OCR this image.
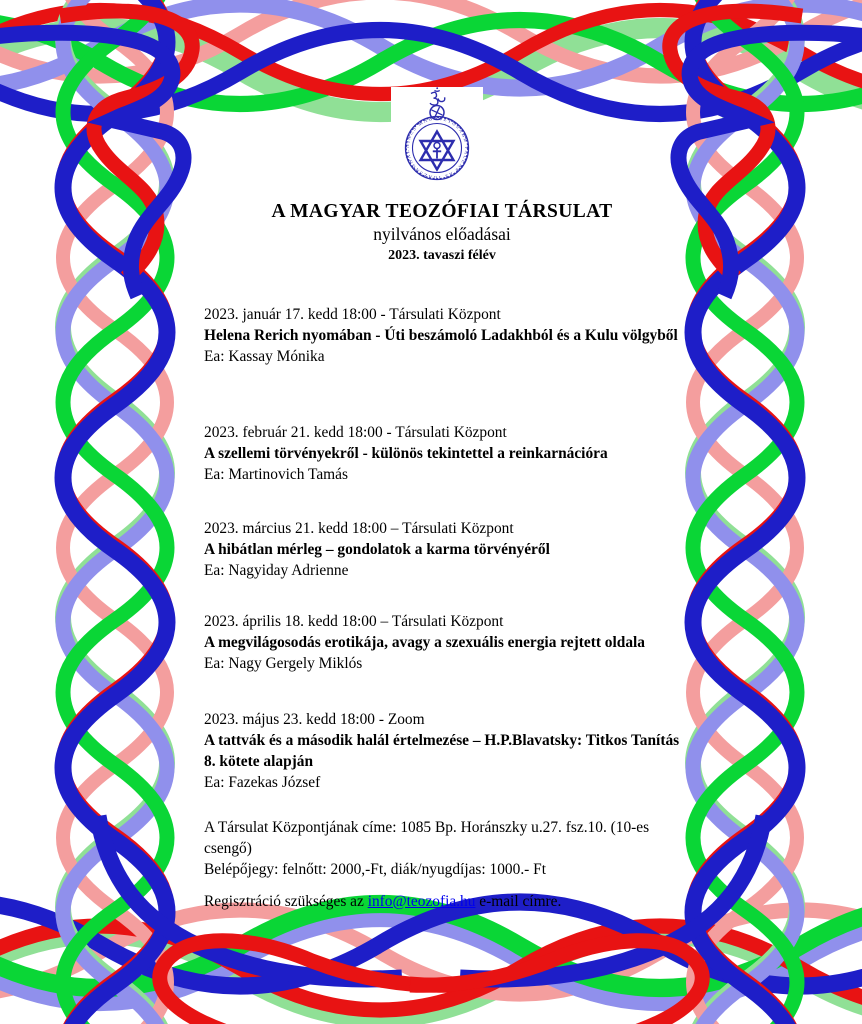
NINCS MAGASZTOSABB VALLÁS AZ IGAZSÁGNÁL
A MAGYAR TEOZÓFIAI TÁRSULAT
nyilvános előadásai
2023. tavaszi félév
2023. január 17. kedd 18:00 - Társulati Központ
Helena Rerich nyomában - Úti beszámoló Ladakhból és a Kulu völgyből
Ea: Kassay Mónika
2023. február 21. kedd 18:00 - Társulati Központ
A szellemi törvényekről - különös tekintettel a reinkarnációra
Ea: Martinovich Tamás
2023. március 21. kedd 18:00 – Társulati Központ
A hibátlan mérleg – gondolatok a karma törvényéről
Ea: Nagyiday Adrienne
2023. április 18. kedd 18:00 – Társulati Központ
A megvilágosodás erotikája, avagy a szexuális energia rejtett oldala
Ea: Nagy Gergely Miklós
2023. május 23. kedd 18:00 - Zoom
A tattvák és a második halál értelmezése – H.P.Blavatsky: Titkos Tanítás 8. kötete alapján
Ea: Fazekas József
A Társulat Központjának címe: 1085 Bp. Horánszky u.27. fsz.10. (10-es csengő)
Belépőjegy: felnőtt: 2000,-Ft, diák/nyugdíjas: 1000.- Ft
Regisztráció szükséges az info@teozofia.hu e-mail címre.
